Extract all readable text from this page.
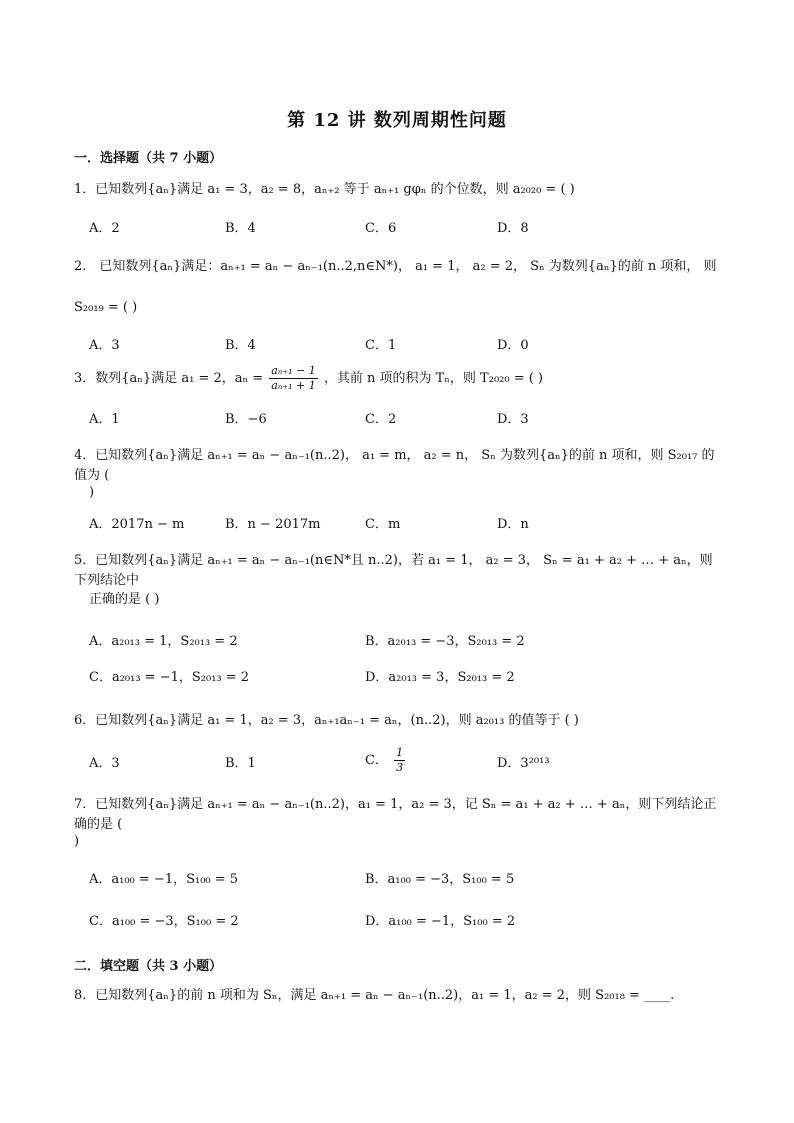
第 12 讲 数列周期性问题
一．选择题（共 7 小题）
1．已知数列{aₙ}满足 a₁ = 3，a₂ = 8，aₙ₊₂ 等于 aₙ₊₁ gφₙ 的个位数，则 a₂₀₂₀ = ( )
A．2	B．4	C．6	D．8
2． 已知数列{aₙ}满足：aₙ₊₁ = aₙ − aₙ₋₁(n..2,n∈N*)， a₁ = 1， a₂ = 2， Sₙ 为数列{aₙ}的前 n 项和， 则
S₂₀₁₉ = ( )
A．3	B．4	C．1	D．0
3．数列{aₙ}满足 a₁ = 2，$a_n = \frac{\text{aₙ₊₁ − 1}}{\text{aₙ₊₁ + 1}}$ ，其前 n 项的积为 Tₙ，则 T₂₀₂₀ = ( )
A．1	B．−6	C．2	D．3
4．已知数列{aₙ}满足 aₙ₊₁ = aₙ − aₙ₋₁(n..2)， a₁ = m， a₂ = n， Sₙ 为数列{aₙ}的前 n 项和，则 S₂₀₁₇ 的值为 (
)
A．2017n − m	B．n − 2017m	C．m	D．n
5．已知数列{aₙ}满足 aₙ₊₁ = aₙ − aₙ₋₁(n∈N*且 n..2)，若 a₁ = 1， a₂ = 3， Sₙ = a₁ + a₂ + … + aₙ，则下列结论中
正确的是 ( )
A．a₂₀₁₃ = 1，S₂₀₁₃ = 2	B．a₂₀₁₃ = −3，S₂₀₁₃ = 2
C．a₂₀₁₃ = −1，S₂₀₁₃ = 2	D．a₂₀₁₃ = 3，S₂₀₁₃ = 2
6．已知数列{aₙ}满足 a₁ = 1，a₂ = 3，aₙ₊₁aₙ₋₁ = aₙ，(n..2)，则 a₂₀₁₃ 的值等于 ( )
A．3	B．1	C． $\frac{1}{3}$	D．3²⁰¹³
7．已知数列{aₙ}满足 aₙ₊₁ = aₙ − aₙ₋₁(n..2)，a₁ = 1，a₂ = 3，记 Sₙ = a₁ + a₂ + … + aₙ，则下列结论正确的是 (
)
A．a₁₀₀ = −1，S₁₀₀ = 5	B．a₁₀₀ = −3，S₁₀₀ = 5
C．a₁₀₀ = −3，S₁₀₀ = 2	D．a₁₀₀ = −1，S₁₀₀ = 2
二．填空题（共 3 小题）
8．已知数列{aₙ}的前 n 项和为 Sₙ，满足 aₙ₊₁ = aₙ − aₙ₋₁(n..2)，a₁ = 1，a₂ = 2，则 S₂₀₁₈ = ____.
